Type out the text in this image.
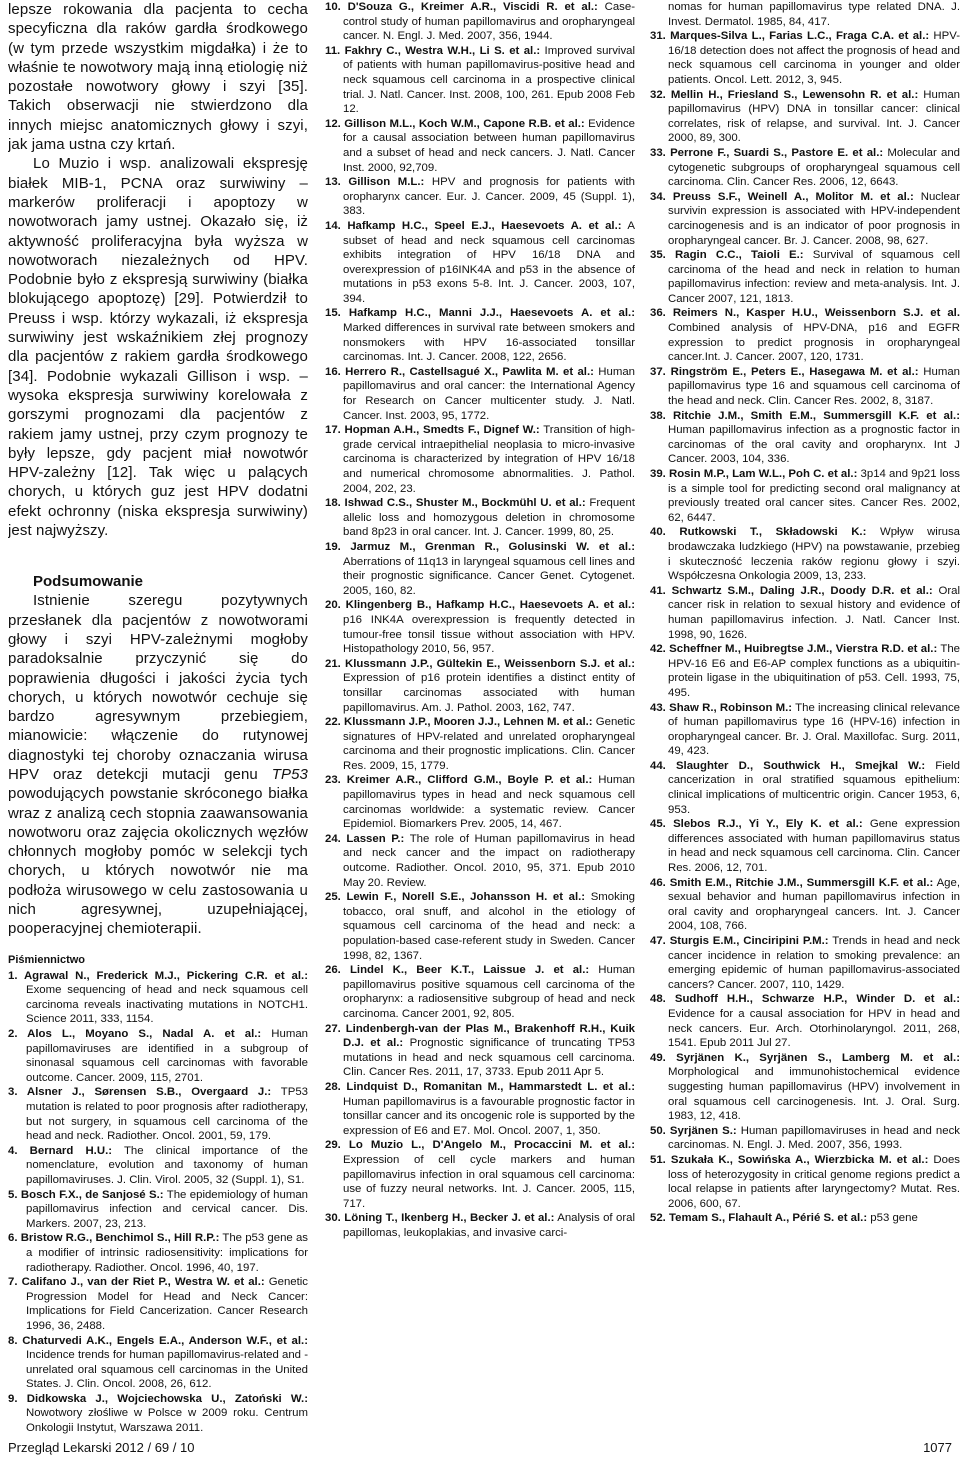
lepsze rokowania dla pacjenta to cecha specyficzna dla raków gardła środkowego (w tym przede wszystkim migdałka) i że to właśnie te nowotwory mają inną etiologię niż pozostałe nowotwory głowy i szyi [35]. Takich obserwacji nie stwierdzono dla innych miejsc anatomicznych głowy i szyi, jak jama ustna czy krtań.

Lo Muzio i wsp. analizowali ekspresję białek MIB-1, PCNA oraz surwiwiny – markerów proliferacji i apoptozy w nowotworach jamy ustnej. Okazało się, iż aktywność proliferacyjna była wyższa w nowotworach niezależnych od HPV. Podobnie było z ekspresją surwiwiny (białka blokującego apoptozę) [29]. Potwierdził to Preuss i wsp. którzy wykazali, iż ekspresja surwiwiny jest wskaźnikiem złej prognozy dla pacjentów z rakiem gardła środkowego [34]. Podobnie wykazali Gillison i wsp. – wysoka ekspresja surwiwiny korelowała z gorszymi prognozami dla pacjentów z rakiem jamy ustnej, przy czym prognozy te były lepsze, gdy pacjent miał nowotwór HPV-zależny [12]. Tak więc u palących chorych, u których guz jest HPV dodatni efekt ochronny (niska ekspresja surwiwiny) jest najwyższy.

Podsumowanie

Istnienie szeregu pozytywnych przesłanek dla pacjentów z nowotworami głowy i szyi HPV-zależnymi mogłoby paradoksalnie przyczynić się do poprawienia długości i jakości życia tych chorych, u których nowotwór cechuje się bardzo agresywnym przebiegiem, mianowicie: włączenie do rutynowej diagnostyki tej choroby oznaczania wirusa HPV oraz detekcji mutacji genu TP53 powodujących powstanie skróconego białka wraz z analizą cech stopnia zaawansowania nowotworu oraz zajęcia okolicznych węzłów chłonnych mogłoby pomóc w selekcji tych chorych, u których nowotwór nie ma podłoża wirusowego w celu zastosowania u nich agresywnej, uzupełniającej, pooperacyjnej chemioterapii.

Piśmiennictwo

1. Agrawal N., Frederick M.J., Pickering C.R. et al.: Exome sequencing of head and neck squamous cell carcinoma reveals inactivating mutations in NOTCH1. Science 2011, 333, 1154.

2. Alos L., Moyano S., Nadal A. et al.: Human papillomaviruses are identified in a subgroup of sinonasal squamous cell carcinomas with favorable outcome. Cancer. 2009, 115, 2701.

3. Alsner J., Sørensen S.B., Overgaard J.: TP53 mutation is related to poor prognosis after radiotherapy, but not surgery, in squamous cell carcinoma of the head and neck. Radiother. Oncol. 2001, 59, 179.

4. Bernard H.U.: The clinical importance of the nomenclature, evolution and taxonomy of human papillomaviruses. J. Clin. Virol. 2005, 32 (Suppl. 1), S1.

5. Bosch F.X., de Sanjosé S.: The epidemiology of human papillomavirus infection and cervical cancer. Dis. Markers. 2007, 23, 213.

6. Bristow R.G., Benchimol S., Hill R.P.: The p53 gene as a modifier of intrinsic radiosensitivity: implications for radiotherapy. Radiother. Oncol. 1996, 40, 197.

7. Califano J., van der Riet P., Westra W. et al.: Genetic Progression Model for Head and Neck Cancer: Implications for Field Cancerization. Cancer Research 1996, 36, 2488.

8. Chaturvedi A.K., Engels E.A., Anderson W.F., et al.: Incidence trends for human papillomavirus-related and -unrelated oral squamous cell carcinomas in the United States. J. Clin. Oncol. 2008, 26, 612.

9. Didkowska J., Wojciechowska U., Zatoński W.: Nowotwory złośliwe w Polsce w 2009 roku. Centrum Onkologii Instytut, Warszawa 2011.

10. D'Souza G., Kreimer A.R., Viscidi R. et al.: Case-control study of human papillomavirus and oropharyngeal cancer. N. Engl. J. Med. 2007, 356, 1944.

11. Fakhry C., Westra W.H., Li S. et al.: Improved survival of patients with human papillomavirus-positive head and neck squamous cell carcinoma in a prospective clinical trial. J. Natl. Cancer. Inst. 2008, 100, 261. Epub 2008 Feb 12.

12. Gillison M.L., Koch W.M., Capone R.B. et al.: Evidence for a causal association between human papillomavirus and a subset of head and neck cancers. J. Natl. Cancer Inst. 2000, 92,709.

13. Gillison M.L.: HPV and prognosis for patients with oropharynx cancer. Eur. J. Cancer. 2009, 45 (Suppl. 1), 383.

14. Hafkamp H.C., Speel E.J., Haesevoets A. et al.: A subset of head and neck squamous cell carcinomas exhibits integration of HPV 16/18 DNA and overexpression of p16INK4A and p53 in the absence of mutations in p53 exons 5-8. Int. J. Cancer. 2003, 107, 394.

15. Hafkamp H.C., Manni J.J., Haesevoets A. et al.: Marked differences in survival rate between smokers and nonsmokers with HPV 16-associated tonsillar carcinomas. Int. J. Cancer. 2008, 122, 2656.

16. Herrero R., Castellsagué X., Pawlita M. et al.: Human papillomavirus and oral cancer: the International Agency for Research on Cancer multicenter study. J. Natl. Cancer. Inst. 2003, 95, 1772.

17. Hopman A.H., Smedts F., Dignef W.: Transition of high-grade cervical intraepithelial neoplasia to micro-invasive carcinoma is characterized by integration of HPV 16/18 and numerical chromosome abnormalities. J. Pathol. 2004, 202, 23.

18. Ishwad C.S., Shuster M., Bockmühl U. et al.: Frequent allelic loss and homozygous deletion in chromosome band 8p23 in oral cancer. Int. J. Cancer. 1999, 80, 25.

19. Jarmuz M., Grenman R., Golusinski W. et al.: Aberrations of 11q13 in laryngeal squamous cell lines and their prognostic significance. Cancer Genet. Cytogenet. 2005, 160, 82.

20. Klingenberg B., Hafkamp H.C., Haesevoets A. et al.: p16 INK4A overexpression is frequently detected in tumour-free tonsil tissue without association with HPV. Histopathology 2010, 56, 957.

21. Klussmann J.P., Gültekin E., Weissenborn S.J. et al.: Expression of p16 protein identifies a distinct entity of tonsillar carcinomas associated with human papillomavirus. Am. J. Pathol. 2003, 162, 747.

22. Klussmann J.P., Mooren J.J., Lehnen M. et al.: Genetic signatures of HPV-related and unrelated oropharyngeal carcinoma and their prognostic implications. Clin. Cancer Res. 2009, 15, 1779.

23. Kreimer A.R., Clifford G.M., Boyle P. et al.: Human papillomavirus types in head and neck squamous cell carcinomas worldwide: a systematic review. Cancer Epidemiol. Biomarkers Prev. 2005, 14, 467.

24. Lassen P.: The role of Human papillomavirus in head and neck cancer and the impact on radiotherapy outcome. Radiother. Oncol. 2010, 95, 371. Epub 2010 May 20. Review.

25. Lewin F., Norell S.E., Johansson H. et al.: Smoking tobacco, oral snuff, and alcohol in the etiology of squamous cell carcinoma of the head and neck: a population-based case-referent study in Sweden. Cancer 1998, 82, 1367.

26. Lindel K., Beer K.T., Laissue J. et al.: Human papillomavirus positive squamous cell carcinoma of the oropharynx: a radiosensitive subgroup of head and neck carcinoma. Cancer 2001, 92, 805.

27. Lindenbergh-van der Plas M., Brakenhoff R.H., Kuik D.J. et al.: Prognostic significance of truncating TP53 mutations in head and neck squamous cell carcinoma. Clin. Cancer Res. 2011, 17, 3733. Epub 2011 Apr 5.

28. Lindquist D., Romanitan M., Hammarstedt L. et al.: Human papillomavirus is a favourable prognostic factor in tonsillar cancer and its oncogenic role is supported by the expression of E6 and E7. Mol. Oncol. 2007, 1, 350.

29. Lo Muzio L., D'Angelo M., Procaccini M. et al.: Expression of cell cycle markers and human papillomavirus infection in oral squamous cell carcinoma: use of fuzzy neural networks. Int. J. Cancer. 2005, 115, 717.

30. Löning T., Ikenberg H., Becker J. et al.: Analysis of oral papillomas, leukoplakias, and invasive carci-

nomas for human papillomavirus type related DNA. J. Invest. Dermatol. 1985, 84, 417.

31. Marques-Silva L., Farias L.C., Fraga C.A. et al.: HPV-16/18 detection does not affect the prognosis of head and neck squamous cell carcinoma in younger and older patients. Oncol. Lett. 2012, 3, 945.

32. Mellin H., Friesland S., Lewensohn R. et al.: Human papillomavirus (HPV) DNA in tonsillar cancer: clinical correlates, risk of relapse, and survival. Int. J. Cancer 2000, 89, 300.

33. Perrone F., Suardi S., Pastore E. et al.: Molecular and cytogenetic subgroups of oropharyngeal squamous cell carcinoma. Clin. Cancer Res. 2006, 12, 6643.

34. Preuss S.F., Weinell A., Molitor M. et al.: Nuclear survivin expression is associated with HPV-independent carcinogenesis and is an indicator of poor prognosis in oropharyngeal cancer. Br. J. Cancer. 2008, 98, 627.

35. Ragin C.C., Taioli E.: Survival of squamous cell carcinoma of the head and neck in relation to human papillomavirus infection: review and meta-analysis. Int. J. Cancer 2007, 121, 1813.

36. Reimers N., Kasper H.U., Weissenborn S.J. et al. Combined analysis of HPV-DNA, p16 and EGFR expression to predict prognosis in oropharyngeal cancer.Int. J. Cancer. 2007, 120, 1731.

37. Ringström E., Peters E., Hasegawa M. et al.: Human papillomavirus type 16 and squamous cell carcinoma of the head and neck. Clin. Cancer Res. 2002, 8, 3187.

38. Ritchie J.M., Smith E.M., Summersgill K.F. et al.: Human papillomavirus infection as a prognostic factor in carcinomas of the oral cavity and oropharynx. Int J Cancer. 2003, 104, 336.

39. Rosin M.P., Lam W.L., Poh C. et al.: 3p14 and 9p21 loss is a simple tool for predicting second oral malignancy at previously treated oral cancer sites. Cancer Res. 2002, 62, 6447.

40. Rutkowski T., Składowski K.: Wpływ wirusa brodawczaka ludzkiego (HPV) na powstawanie, przebieg i skuteczność leczenia raków regionu głowy i szyi. Współczesna Onkologia 2009, 13, 233.

41. Schwartz S.M., Daling J.R., Doody D.R. et al.: Oral cancer risk in relation to sexual history and evidence of human papillomavirus infection. J. Natl. Cancer Inst. 1998, 90, 1626.

42. Scheffner M., Huibregtse J.M., Vierstra R.D. et al.: The HPV-16 E6 and E6-AP complex functions as a ubiquitin-protein ligase in the ubiquitination of p53. Cell. 1993, 75, 495.

43. Shaw R., Robinson M.: The increasing clinical relevance of human papillomavirus type 16 (HPV-16) infection in oropharyngeal cancer. Br. J. Oral. Maxillofac. Surg. 2011, 49, 423.

44. Slaughter D., Southwick H., Smejkal W.: Field cancerization in oral stratified squamous epithelium: clinical implications of multicentric origin. Cancer 1953, 6, 953.

45. Slebos R.J., Yi Y., Ely K. et al.: Gene expression differences associated with human papillomavirus status in head and neck squamous cell carcinoma. Clin. Cancer Res. 2006, 12, 701.

46. Smith E.M., Ritchie J.M., Summersgill K.F. et al.: Age, sexual behavior and human papillomavirus infection in oral cavity and oropharyngeal cancers. Int. J. Cancer 2004, 108, 766.

47. Sturgis E.M., Cinciripini P.M.: Trends in head and neck cancer incidence in relation to smoking prevalence: an emerging epidemic of human papillomavirus-associated cancers? Cancer. 2007, 110, 1429.

48. Sudhoff H.H., Schwarze H.P., Winder D. et al.: Evidence for a causal association for HPV in head and neck cancers. Eur. Arch. Otorhinolaryngol. 2011, 268, 1541. Epub 2011 Jul 27.

49. Syrjänen K., Syrjänen S., Lamberg M. et al.: Morphological and immunohistochemical evidence suggesting human papillomavirus (HPV) involvement in oral squamous cell carcinogenesis. Int. J. Oral. Surg. 1983, 12, 418.

50. Syrjänen S.: Human papillomaviruses in head and neck carcinomas. N. Engl. J. Med. 2007, 356, 1993.

51. Szukała K., Sowińska A., Wierzbicka M. et al.: Does loss of heterozygosity in critical genome regions predict a local relapse in patients after laryngectomy? Mutat. Res. 2006, 600, 67.

52. Temam S., Flahault A., Périé S. et al.: p53 gene

Przegląd Lekarski 2012 / 69 / 10	1077
